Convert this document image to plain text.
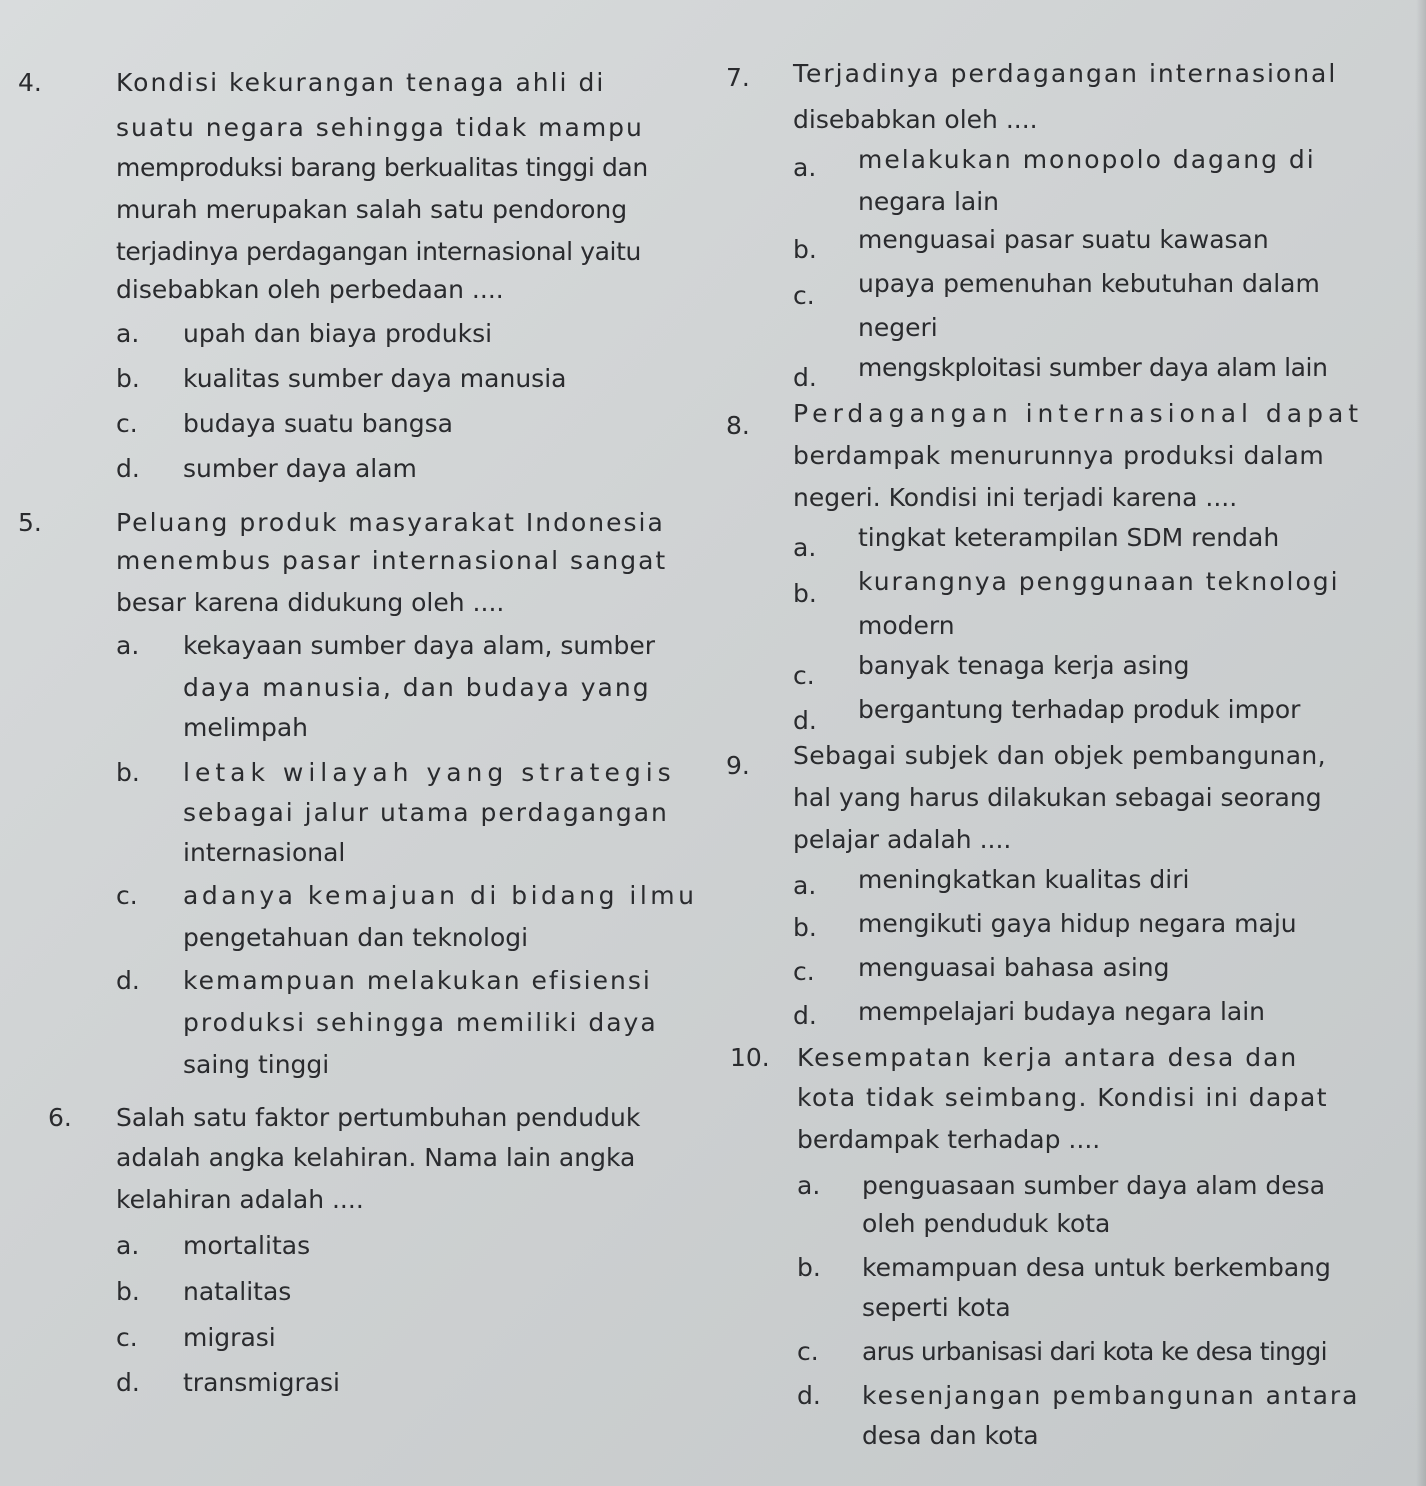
4.	Kondisi kekurangan tenaga ahli di
suatu negara sehingga tidak mampu
memproduksi barang berkualitas tinggi dan
murah merupakan salah satu pendorong
terjadinya perdagangan internasional yaitu
disebabkan oleh perbedaan ....
a. upah dan biaya produksi
b. kualitas sumber daya manusia
c. budaya suatu bangsa
d. sumber daya alam
5.	Peluang produk masyarakat Indonesia
menembus pasar internasional sangat
besar karena didukung oleh ....
a. kekayaan sumber daya alam, sumber
daya manusia, dan budaya yang
melimpah
b. letak wilayah yang strategis
sebagai jalur utama perdagangan
internasional
c. adanya kemajuan di bidang ilmu
pengetahuan dan teknologi
d. kemampuan melakukan efisiensi
produksi sehingga memiliki daya
saing tinggi
6. Salah satu faktor pertumbuhan penduduk
adalah angka kelahiran. Nama lain angka
kelahiran adalah ....
a. mortalitas
b. natalitas
c. migrasi
d. transmigrasi
7. Terjadinya perdagangan internasional
disebabkan oleh ....
a. melakukan monopolo dagang di
negara lain
b. menguasai pasar suatu kawasan
c. upaya pemenuhan kebutuhan dalam
negeri
d. mengskploitasi sumber daya alam lain
8. Perdagangan internasional dapat
berdampak menurunnya produksi dalam
negeri. Kondisi ini terjadi karena ....
a. tingkat keterampilan SDM rendah
b. kurangnya penggunaan teknologi
modern
c. banyak tenaga kerja asing
d. bergantung terhadap produk impor
9. Sebagai subjek dan objek pembangunan,
hal yang harus dilakukan sebagai seorang
pelajar adalah ....
a. meningkatkan kualitas diri
b. mengikuti gaya hidup negara maju
c. menguasai bahasa asing
d. mempelajari budaya negara lain
10. Kesempatan kerja antara desa dan
kota tidak seimbang. Kondisi ini dapat
berdampak terhadap ....
a. penguasaan sumber daya alam desa
oleh penduduk kota
b. kemampuan desa untuk berkembang
seperti kota
c. arus urbanisasi dari kota ke desa tinggi
d. kesenjangan pembangunan antara
desa dan kota
